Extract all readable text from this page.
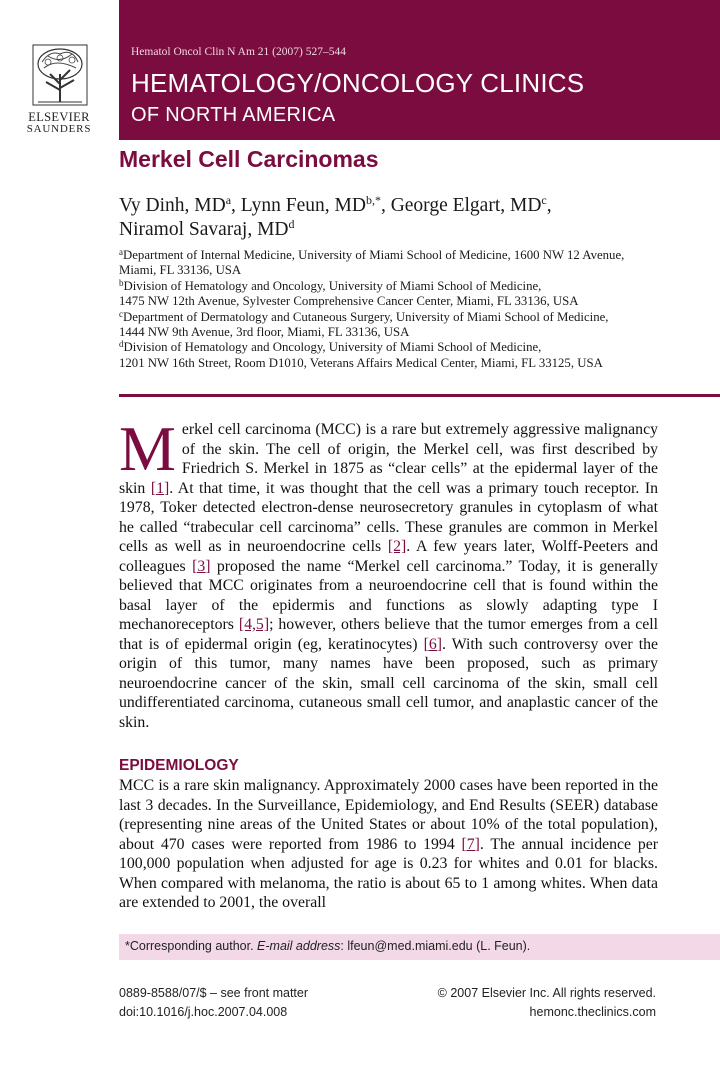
ELSEVIER
SAUNDERS
Hematol Oncol Clin N Am 21 (2007) 527–544
HEMATOLOGY/ONCOLOGY CLINICS
OF NORTH AMERICA
Merkel Cell Carcinomas
Vy Dinh, $MD^a$, Lynn Feun, $MD^{b,*}$, George Elgart, $MD^c$,
Niramol Savaraj, $MD^d$
$^a$Department of Internal Medicine, University of Miami School of Medicine, 1600 NW 12 Avenue,
Miami, FL 33136, USA
$^b$Division of Hematology and Oncology, University of Miami School of Medicine,
1475 NW 12th Avenue, Sylvester Comprehensive Cancer Center, Miami, FL 33136, USA
$^c$Department of Dermatology and Cutaneous Surgery, University of Miami School of Medicine,
1444 NW 9th Avenue, 3rd floor, Miami, FL 33136, USA
$^d$Division of Hematology and Oncology, University of Miami School of Medicine,
1201 NW 16th Street, Room D1010, Veterans Affairs Medical Center, Miami, FL 33125, USA
Merkel cell carcinoma (MCC) is a rare but extremely aggressive malignancy of the skin. The cell of origin, the Merkel cell, was first described by Friedrich S. Merkel in 1875 as “clear cells” at the epidermal layer of the skin [1]. At that time, it was thought that the cell was a primary touch receptor. In 1978, Toker detected electron-dense neurosecretory granules in cytoplasm of what he called “trabecular cell carcinoma” cells. These granules are common in Merkel cells as well as in neuroendocrine cells [2]. A few years later, Wolff-Peeters and colleagues [3] proposed the name “Merkel cell carcinoma.” Today, it is generally believed that MCC originates from a neuroendocrine cell that is found within the basal layer of the epidermis and functions as slowly adapting type I mechanoreceptors [4,5]; however, others believe that the tumor emerges from a cell that is of epidermal origin (eg, keratinocytes) [6]. With such controversy over the origin of this tumor, many names have been proposed, such as primary neuroendocrine cancer of the skin, small cell carcinoma of the skin, small cell undifferentiated carcinoma, cutaneous small cell tumor, and anaplastic cancer of the skin.
EPIDEMIOLOGY
MCC is a rare skin malignancy. Approximately 2000 cases have been reported in the last 3 decades. In the Surveillance, Epidemiology, and End Results (SEER) database (representing nine areas of the United States or about 10% of the total population), about 470 cases were reported from 1986 to 1994 [7]. The annual incidence per 100,000 population when adjusted for age is 0.23 for whites and 0.01 for blacks. When compared with melanoma, the ratio is about 65 to 1 among whites. When data are extended to 2001, the overall
*Corresponding author. E-mail address: lfeun@med.miami.edu (L. Feun).
0889-8588/07/$ – see front matter
doi:10.1016/j.hoc.2007.04.008
© 2007 Elsevier Inc. All rights reserved.
hemonc.theclinics.com
